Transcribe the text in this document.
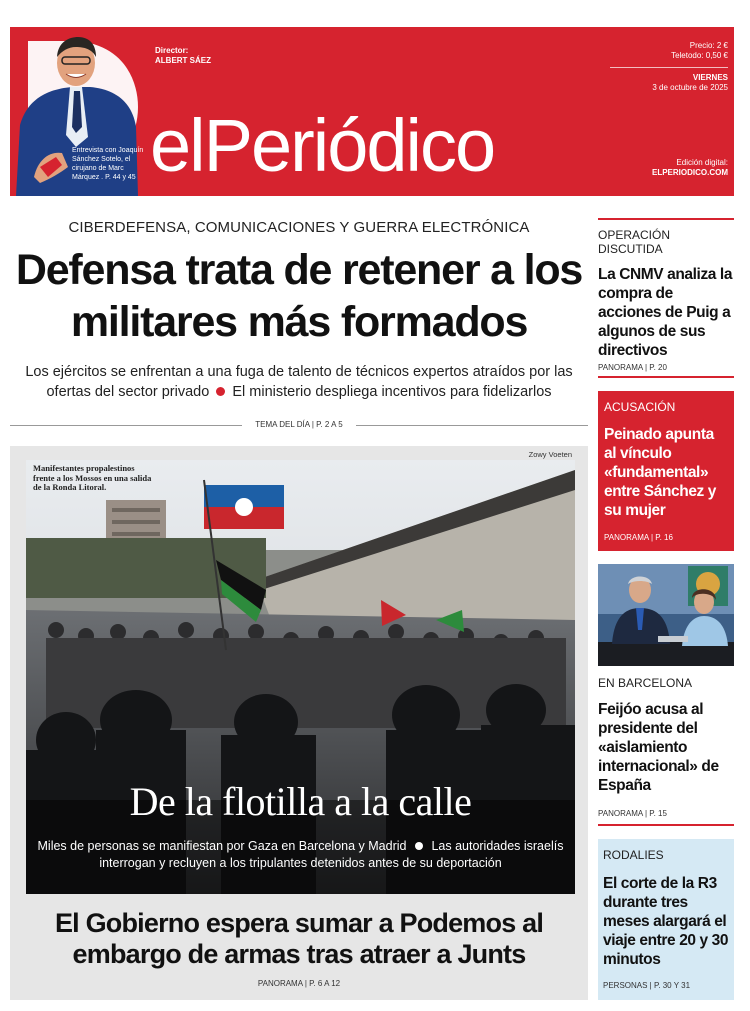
Director:
ALBERT SÁEZ
elPeriódico
Entrevista con Joaquín Sánchez Sotelo, el cirujano de Marc Márquez . P. 44 y 45
Precio: 2 €
Teletodo: 0,50 €
VIERNES
3 de octubre de 2025
Edición digital:
ELPERIODICO.COM
CIBERDEFENSA, COMUNICACIONES Y GUERRA ELECTRÓNICA
Defensa trata de retener a los militares más formados

Los ejércitos se enfrentan a una fuga de talento de técnicos expertos atraídos por las ofertas del sector privado El ministerio despliega incentivos para fidelizarlos

TEMA DEL DÍA | P. 2 A 5
Zowy Voeten
Manifestantes propalestinos frente a los Mossos en una salida de la Ronda Litoral.
De la flotilla a la calle
Miles de personas se manifiestan por Gaza en Barcelona y Madrid Las autoridades israelís interrogan y recluyen a los tripulantes detenidos antes de su deportación
El Gobierno espera sumar a Podemos al embargo de armas tras atraer a Junts
PANORAMA | P. 6 A 12
OPERACIÓN DISCUTIDA
La CNMV analiza la compra de acciones de Puig a algunos de sus directivos
PANORAMA | P. 20
ACUSACIÓN
Peinado apunta al vínculo «fundamental» entre Sánchez y su mujer
PANORAMA | P. 16
EN BARCELONA
Feijóo acusa al presidente del «aislamiento internacional» de España
PANORAMA | P. 15
RODALIES
El corte de la R3 durante tres meses alargará el viaje entre 20 y 30 minutos
PERSONAS | P. 30 Y 31
